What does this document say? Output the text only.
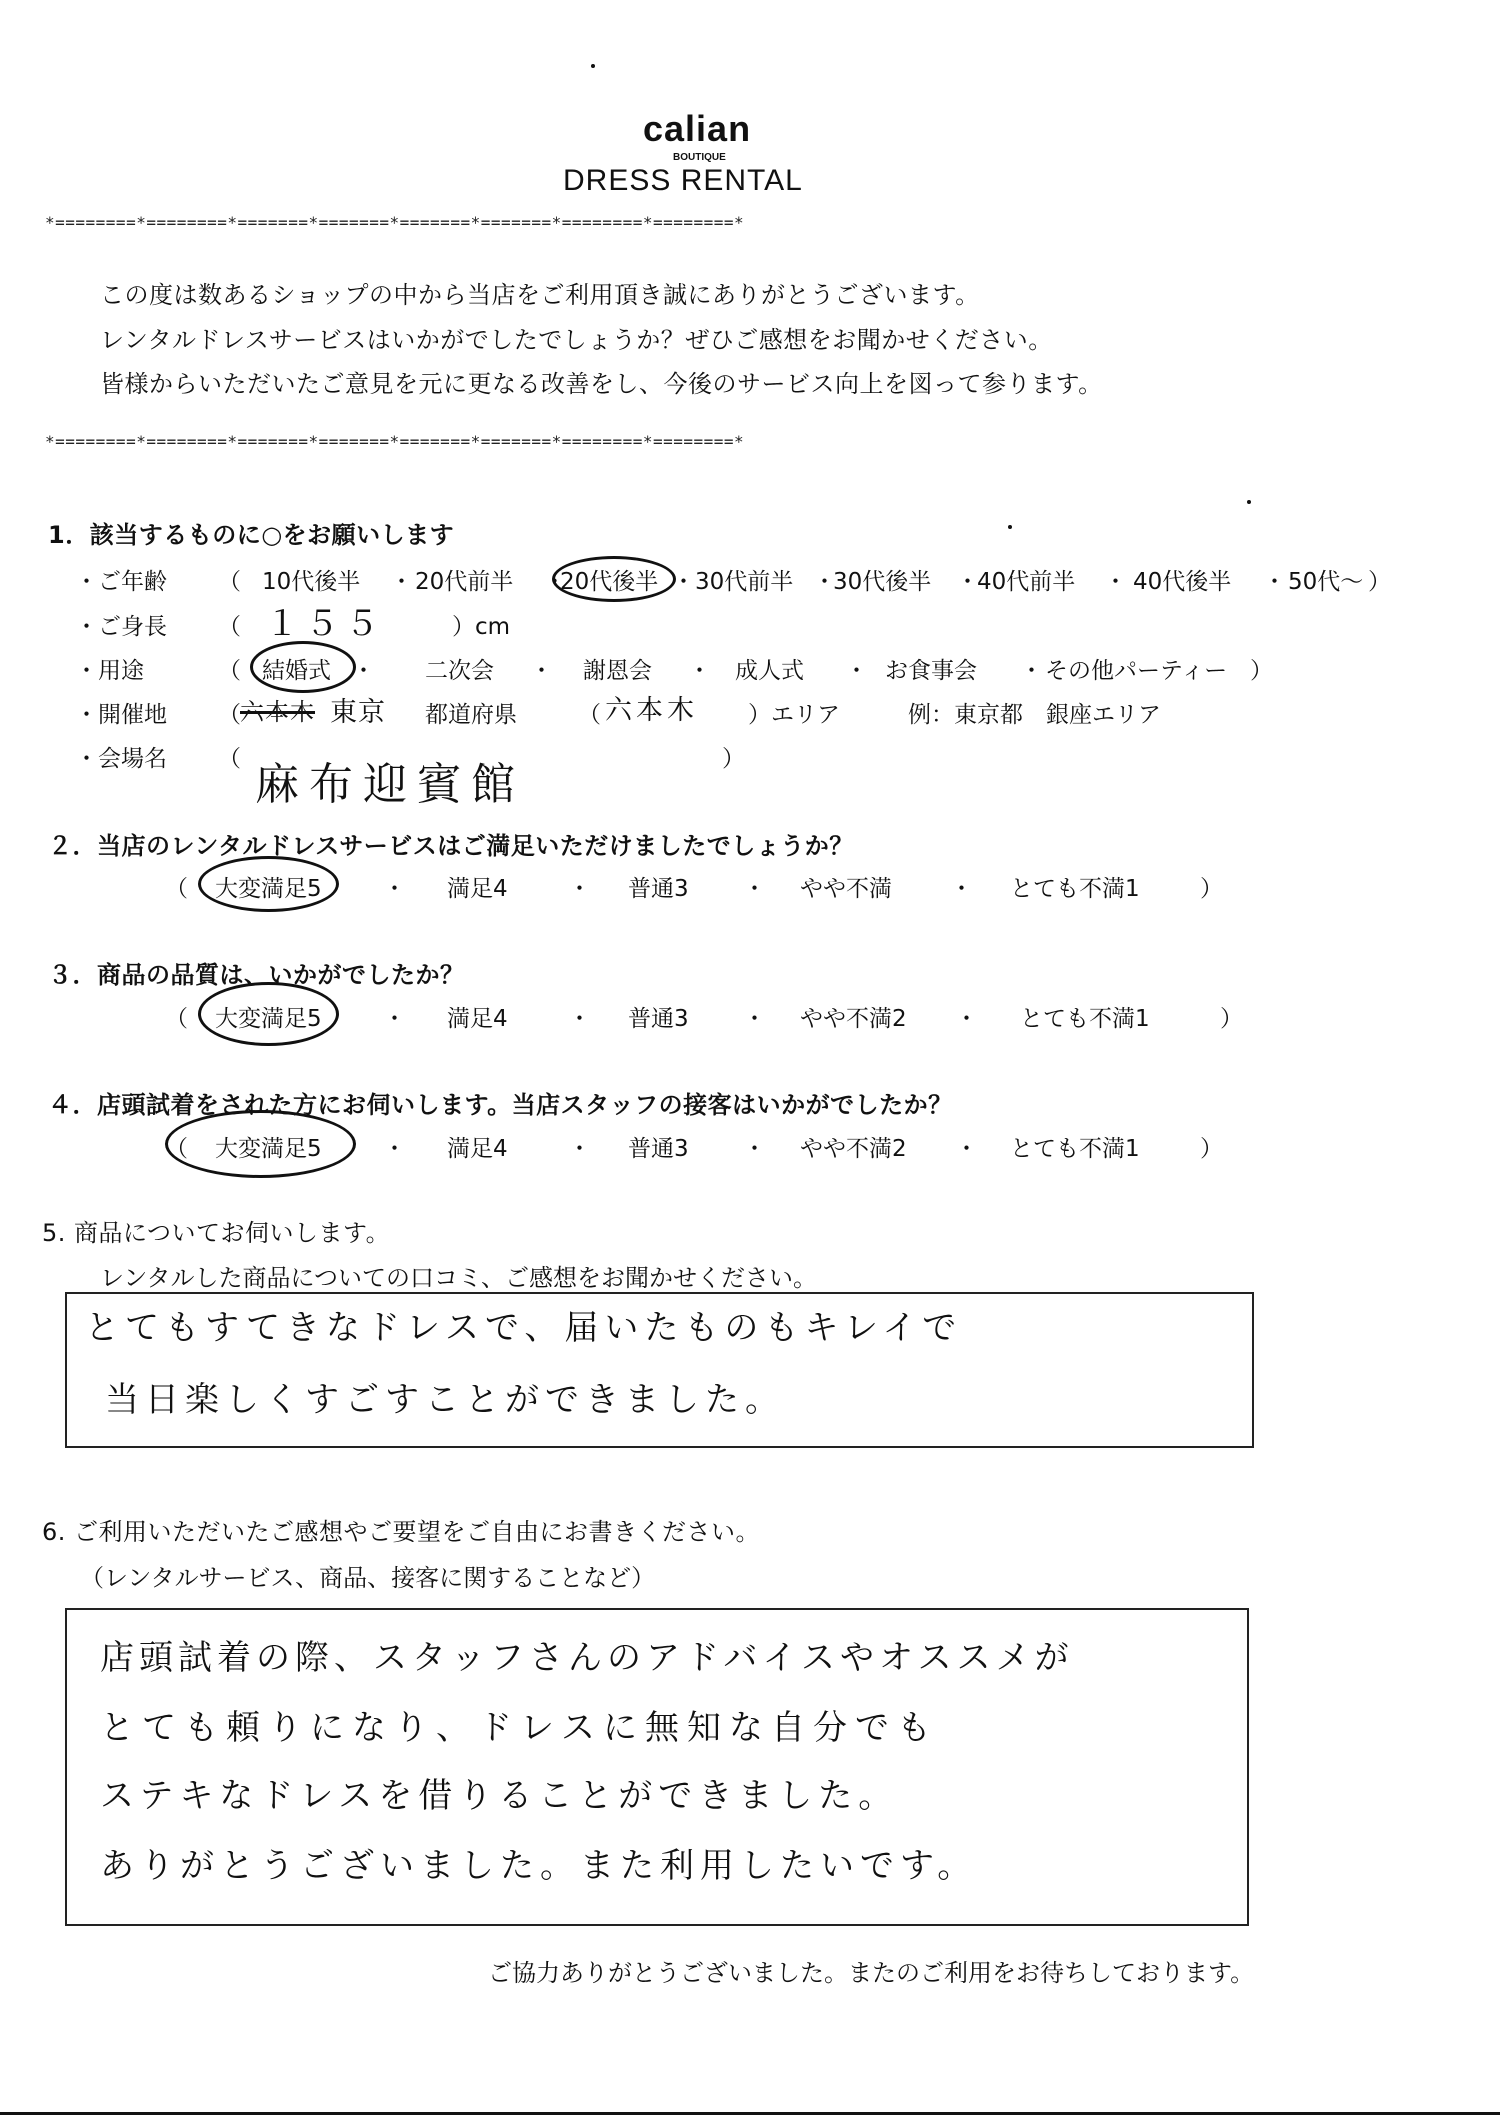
calian
BOUTIQUE
DRESS RENTAL
*========*========*=======*=======*=======*=======*========*========*
この度は数あるショップの中から当店をご利用頂き誠にありがとうございます。
レンタルドレスサービスはいかがでしたでしょうか？ぜひご感想をお聞かせください。
皆様からいただいたご意見を元に更なる改善をし、今後のサービス向上を図って参ります。
*========*========*=======*=======*=======*=======*========*========*
1．該当するものに○をお願いします
・ご年齢 （ 10代後半 ・ 20代前半 ・
20代後半 ・ 30代前半 ・
30代後半 ・
40代前半 ・ 40代後半 ・ 50代～ ）
・ご身長 （ １５５	）cm
・用途	（ 結婚式 ・ 二次会 ・ 謝恩会 ・ 成人式 ・ お食事会 ・ その他パーティー ）
・開催地 （ 六本木 東京 都道府県	（ 六本木 ）エリア	例：東京都　銀座エリア
・会場名 （	）
麻布迎賓館
２．当店のレンタルドレスサービスはご満足いただけましたでしょうか？
（ 大変満足5	・ 満足4	・ 普通3 ・ やや不満	・ とても不満1	）
３．商品の品質は、いかがでしたか？
（ 大変満足5	・ 満足4	・ 普通3 ・ やや不満2 ・ とても不満1	）
４．店頭試着をされた方にお伺いします。当店スタッフの接客はいかがでしたか？
（ 大変満足5	・ 満足4	・ 普通3 ・ やや不満2 ・ とても不満1	）
5. 商品についてお伺いします。
レンタルした商品についての口コミ、ご感想をお聞かせください。
とてもすてきなドレスで、届いたものもキレイで
当日楽しくすごすことができました。
6. ご利用いただいたご感想やご要望をご自由にお書きください。
（レンタルサービス、商品、接客に関することなど）
店頭試着の際、スタッフさんのアドバイスやオススメが
とても頼りになり、ドレスに無知な自分でも
ステキなドレスを借りることができました。
ありがとうございました。また利用したいです。
ご協力ありがとうございました。またのご利用をお待ちしております。
